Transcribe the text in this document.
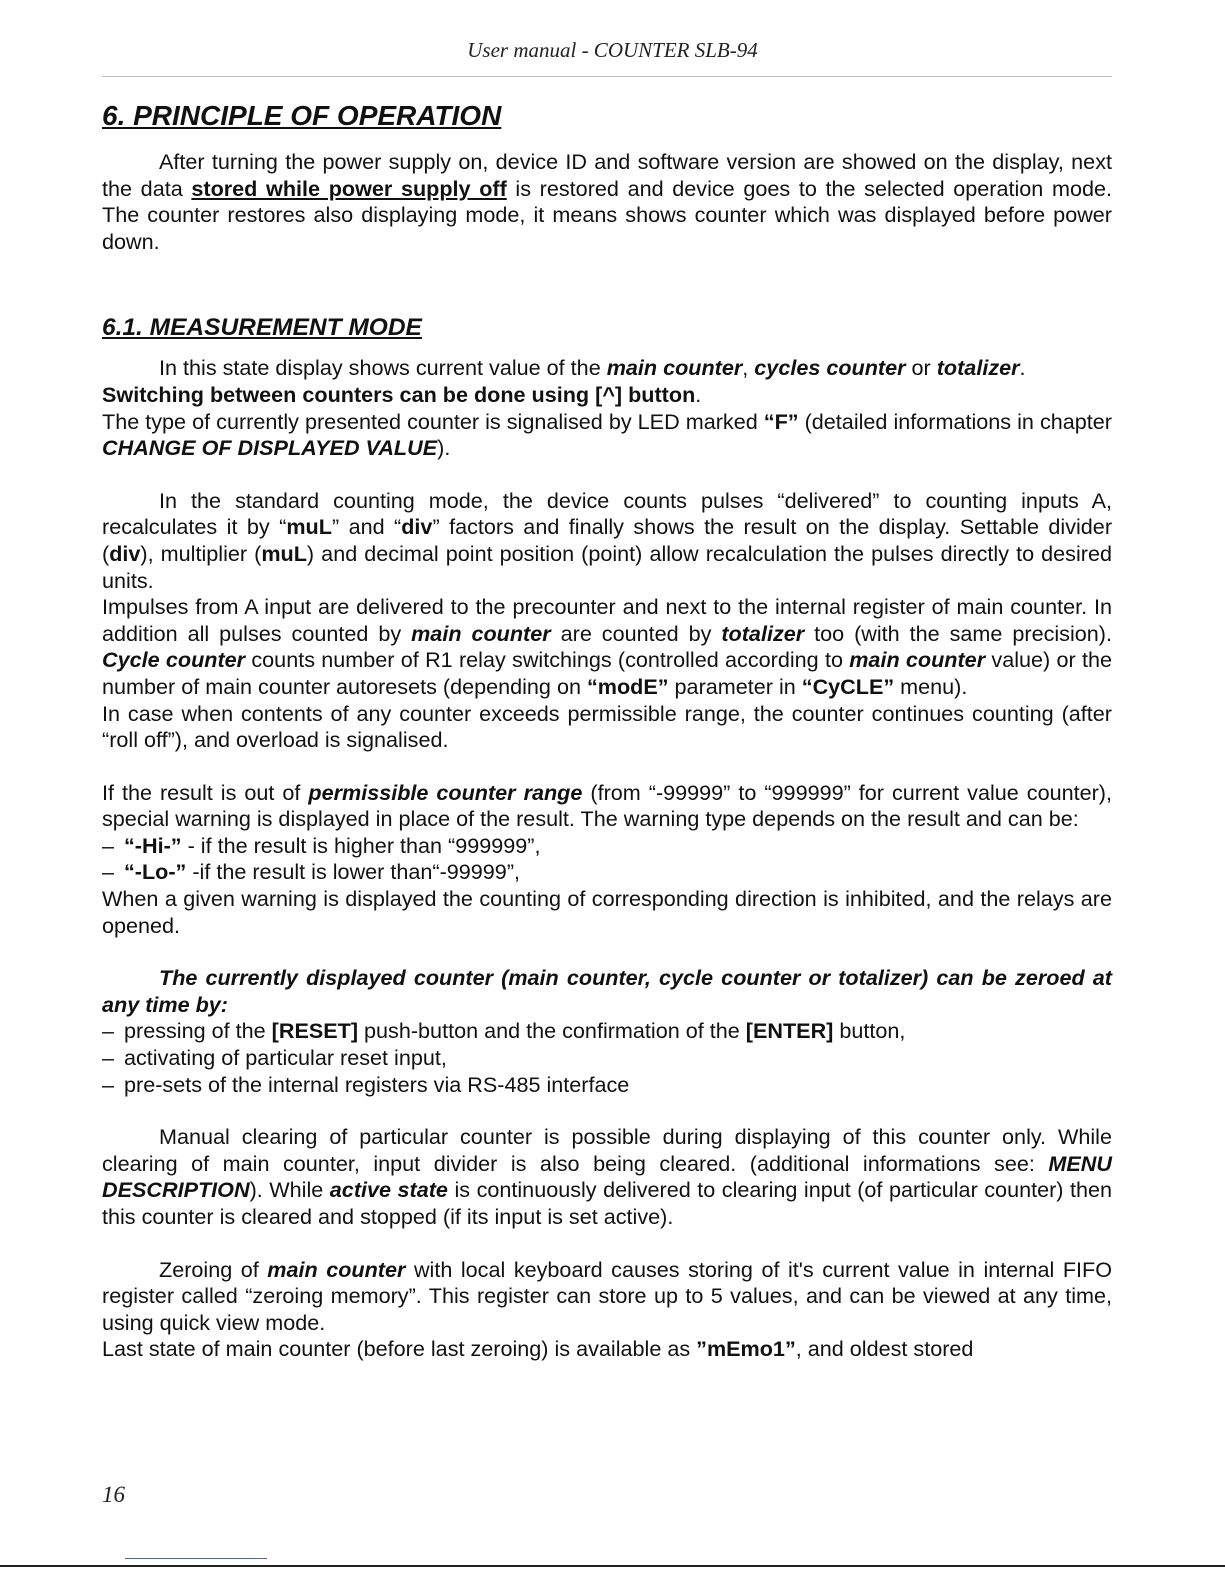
User manual - COUNTER SLB-94
6. PRINCIPLE OF OPERATION

After turning the power supply on, device ID and software version are showed on the display, next the data stored while power supply off is restored and device goes to the selected operation mode. The counter restores also displaying mode, it means shows counter which was displayed before power down.

6.1. MEASUREMENT MODE

In this state display shows current value of the main counter, cycles counter or totalizer.

Switching between counters can be done using [^] button.

The type of currently presented counter is signalised by LED marked “F” (detailed informations in chapter CHANGE OF DISPLAYED VALUE).

In the standard counting mode, the device counts pulses “delivered” to counting inputs A, recalculates it by “muL” and “div” factors and finally shows the result on the display. Settable divider (div), multiplier (muL) and decimal point position (point) allow recalculation the pulses directly to desired units.

Impulses from A input are delivered to the precounter and next to the internal register of main counter. In addition all pulses counted by main counter are counted by totalizer too (with the same precision). Cycle counter counts number of R1 relay switchings (controlled according to main counter value) or the number of main counter autoresets (depending on “modE” parameter in “CyCLE” menu).

In case when contents of any counter exceeds permissible range, the counter continues counting (after “roll off”), and overload is signalised.

If the result is out of permissible counter range (from “-99999” to “999999” for current value counter), special warning is displayed in place of the result. The warning type depends on the result and can be:

– “-Hi-” - if the result is higher than “999999”,
– “-Lo-” -if the result is lower than“-99999”,

When a given warning is displayed the counting of corresponding direction is inhibited, and the relays are opened.

The currently displayed counter (main counter, cycle counter or totalizer) can be zeroed at any time by:

– pressing of the [RESET] push-button and the confirmation of the [ENTER] button,
– activating of particular reset input,
– pre-sets of the internal registers via RS-485 interface

Manual clearing of particular counter is possible during displaying of this counter only. While clearing of main counter, input divider is also being cleared. (additional informations see: MENU DESCRIPTION). While active state is continuously delivered to clearing input (of particular counter) then this counter is cleared and stopped (if its input is set active).

Zeroing of main counter with local keyboard causes storing of it's current value in internal FIFO register called “zeroing memory”. This register can store up to 5 values, and can be viewed at any time, using quick view mode.

Last state of main counter (before last zeroing) is available as ”mEmo1”, and oldest stored

16
